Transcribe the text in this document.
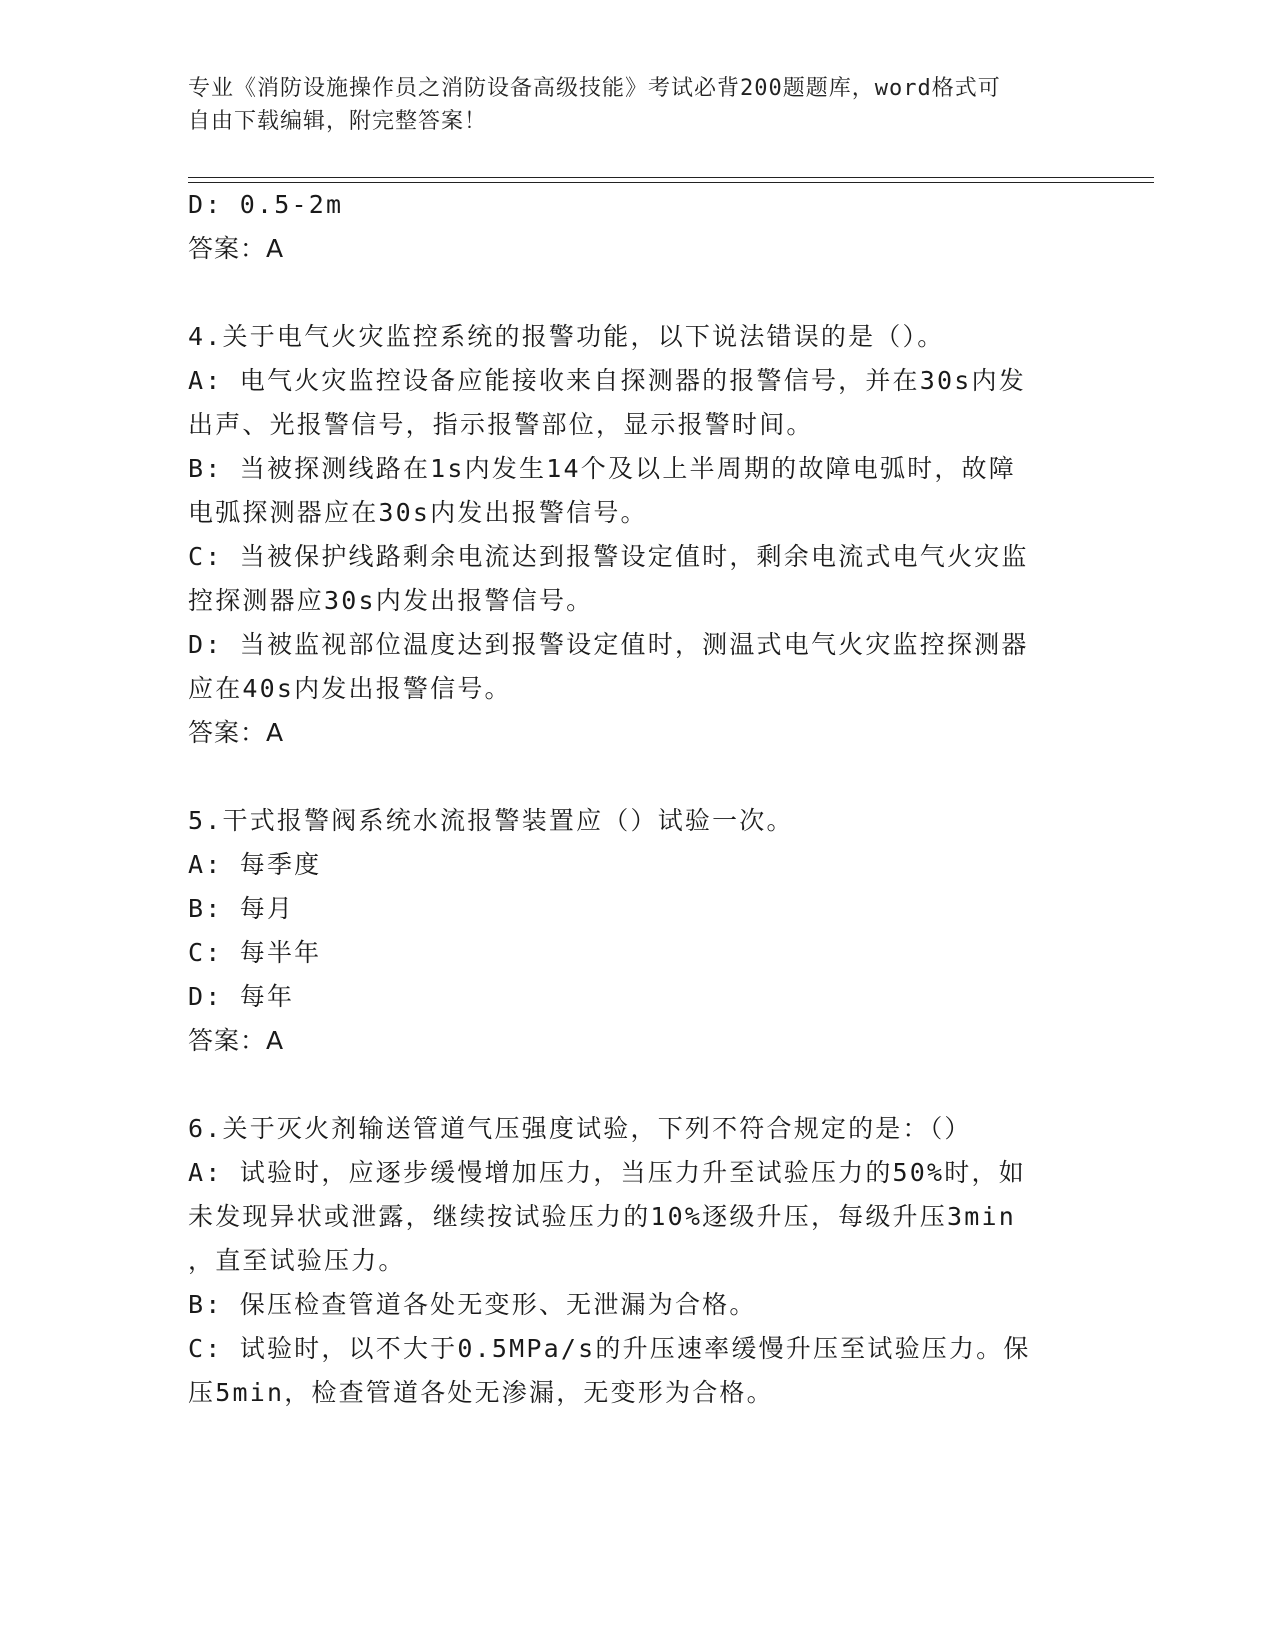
专业《消防设施操作员之消防设备高级技能》考试必背200题题库，word格式可
自由下载编辑，附完整答案！
D: 0.5-2m
答案：A
4.关于电气火灾监控系统的报警功能，以下说法错误的是（）。
A: 电气火灾监控设备应能接收来自探测器的报警信号，并在30s内发
出声、光报警信号，指示报警部位，显示报警时间。
B: 当被探测线路在1s内发生14个及以上半周期的故障电弧时，故障
电弧探测器应在30s内发出报警信号。
C: 当被保护线路剩余电流达到报警设定值时，剩余电流式电气火灾监
控探测器应30s内发出报警信号。
D: 当被监视部位温度达到报警设定值时，测温式电气火灾监控探测器
应在40s内发出报警信号。
答案：A
5.干式报警阀系统水流报警装置应（）试验一次。
A: 每季度
B: 每月
C: 每半年
D: 每年
答案：A
6.关于灭火剂输送管道气压强度试验，下列不符合规定的是：（）
A: 试验时，应逐步缓慢增加压力，当压力升至试验压力的50%时，如
未发现异状或泄露，继续按试验压力的10%逐级升压，每级升压3min
，直至试验压力。
B: 保压检查管道各处无变形、无泄漏为合格。
C: 试验时，以不大于0.5MPa/s的升压速率缓慢升压至试验压力。保
压5min，检查管道各处无渗漏，无变形为合格。
